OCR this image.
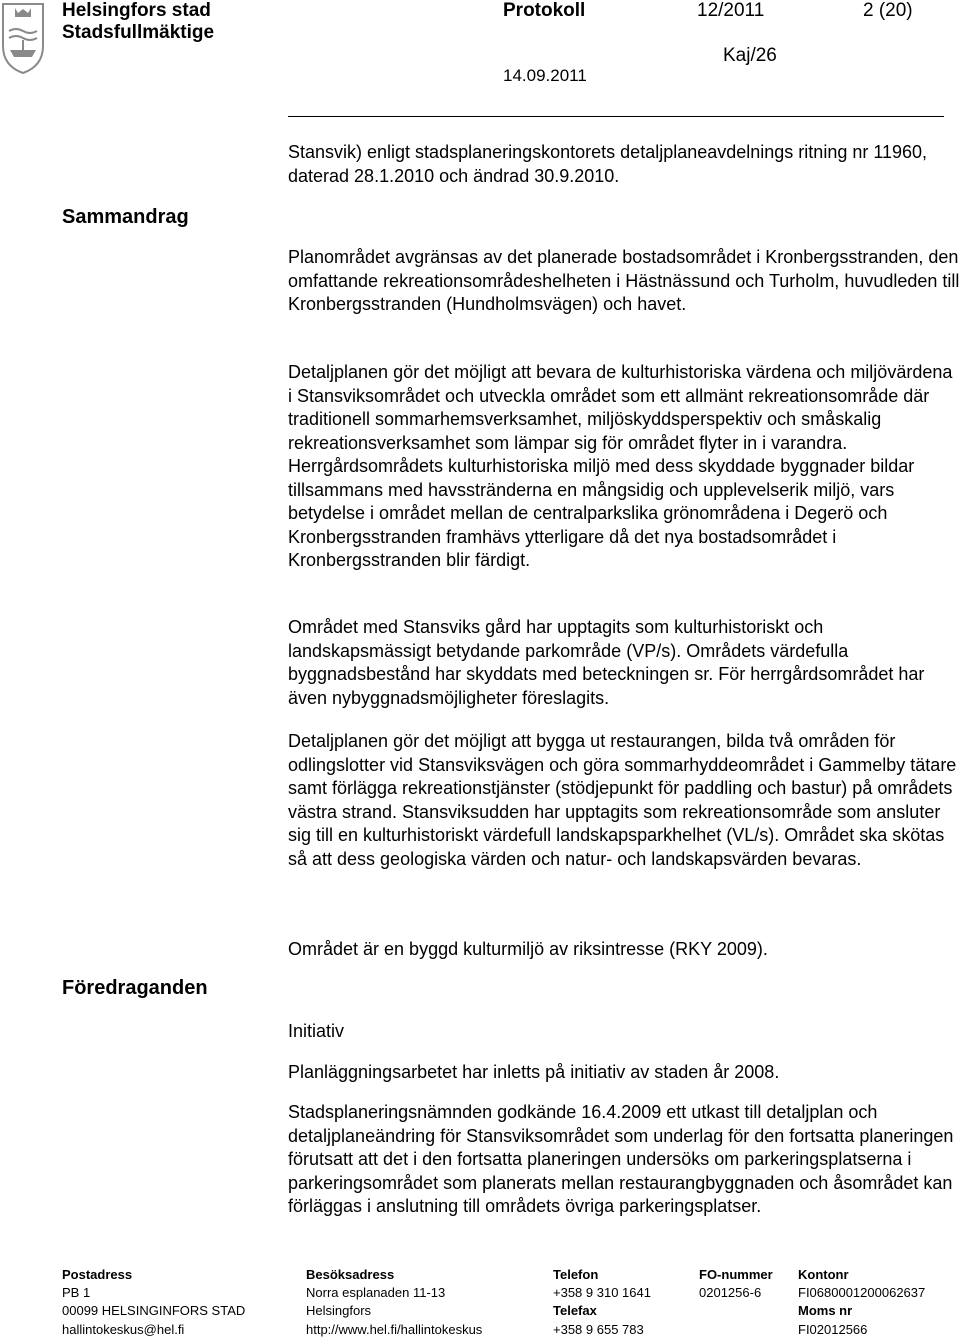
Helsingfors stad
Stadsfullmäktige
Protokoll	12/2011	2 (20)
Kaj/26
14.09.2011
Sammandrag
Föredraganden

Stansvik) enligt stadsplaneringskontorets detaljplaneavdelnings ritning nr 11960, daterad 28.1.2010 och ändrad 30.9.2010.

Planområdet avgränsas av det planerade bostadsområdet i Kronbergsstranden, den omfattande rekreationsområdeshelheten i Hästnässund och Turholm, huvudleden till Kronbergsstranden (Hundholmsvägen) och havet.

Detaljplanen gör det möjligt att bevara de kulturhistoriska värdena och miljövärdena i Stansviksområdet och utveckla området som ett allmänt rekreationsområde där traditionell sommarhemsverksamhet, miljöskyddsperspektiv och småskalig rekreationsverksamhet som lämpar sig för området flyter in i varandra. Herrgårdsområdets kulturhistoriska miljö med dess skyddade byggnader bildar tillsammans med havsstränderna en mångsidig och upplevelserik miljö, vars betydelse i området mellan de centralparkslika grönområdena i Degerö och Kronbergsstranden framhävs ytterligare då det nya bostadsområdet i Kronbergsstranden blir färdigt.

Området med Stansviks gård har upptagits som kulturhistoriskt och landskapsmässigt betydande parkområde (VP/s). Områdets värdefulla byggnadsbestånd har skyddats med beteckningen sr. För herrgårdsområdet har även nybyggnadsmöjligheter föreslagits.

Detaljplanen gör det möjligt att bygga ut restaurangen, bilda två områden för odlingslotter vid Stansviksvägen och göra sommarhyddeområdet i Gammelby tätare samt förlägga rekreationstjänster (stödjepunkt för paddling och bastur) på områdets västra strand. Stansviksudden har upptagits som rekreationsområde som ansluter sig till en kulturhistoriskt värdefull landskapsparkhelhet (VL/s). Området ska skötas så att dess geologiska värden och natur- och landskapsvärden bevaras.

Området är en byggd kulturmiljö av riksintresse (RKY 2009).

Initiativ

Planläggningsarbetet har inletts på initiativ av staden år 2008.

Stadsplaneringsnämnden godkände 16.4.2009 ett utkast till detaljplan och detaljplaneändring för Stansviksområdet som underlag för den fortsatta planeringen förutsatt att det i den fortsatta planeringen undersöks om parkeringsplatserna i parkeringsområdet som planerats mellan restaurangbyggnaden och åsområdet kan förläggas i anslutning till områdets övriga parkeringsplatser.

Postadress
PB 1
00099 HELSINGINFORS STAD
hallintokeskus@hel.fi
Besöksadress
Norra esplanaden 11-13
Helsingfors
http://www.hel.fi/hallintokeskus
Telefon
+358 9 310 1641
Telefax
+358 9 655 783
FO-nummer
0201256-6
Kontonr
FI0680001200062637
Moms nr
FI02012566
